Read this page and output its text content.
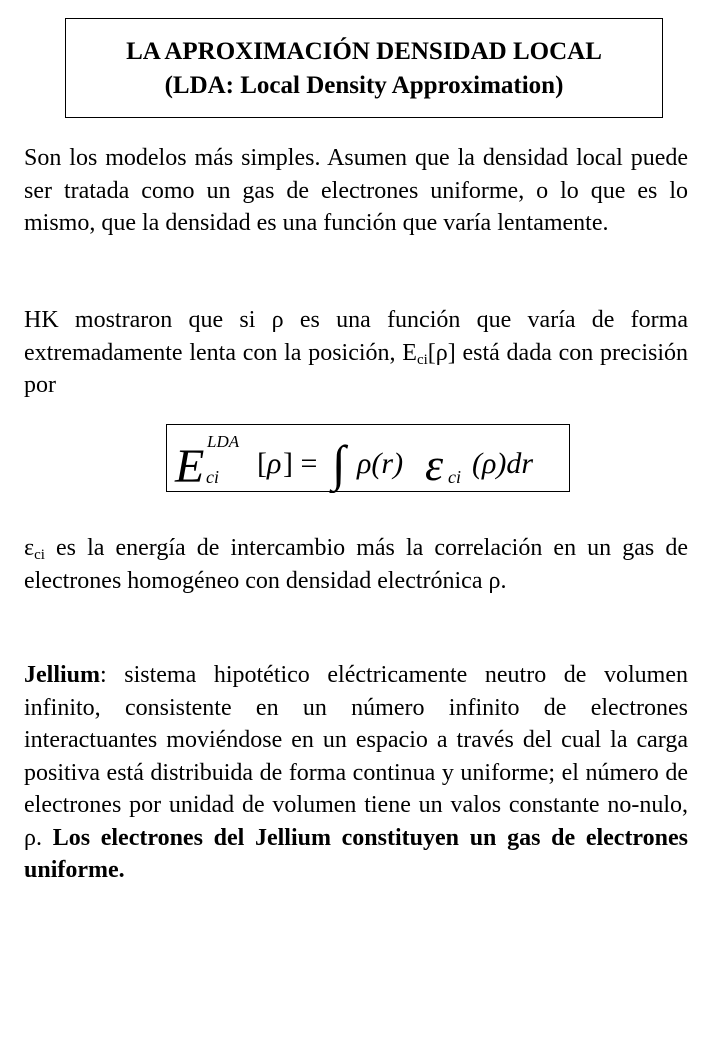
LA APROXIMACIÓN DENSIDAD LOCAL
(LDA: Local Density Approximation)
Son los modelos más simples. Asumen que la densidad local puede ser tratada como un gas de electrones uniforme, o lo que es lo mismo, que la densidad es una función que varía lentamente.
HK mostraron que si ρ es una función que varía de forma extremadamente lenta con la posición, $E_{ci}[\rho]$ está dada con precisión por
E LDA
ci [ ρ ] = ∫ ρ(r) ε ci (ρ)dr
$\varepsilon_{ci}$ es la energía de intercambio más la correlación en un gas de electrones homogéneo con densidad electrónica ρ.
Jellium: sistema hipotético eléctricamente neutro de volumen infinito, consistente en un número infinito de electrones interactuantes moviéndose en un espacio a través del cual la carga positiva está distribuida de forma continua y uniforme; el número de electrones por unidad de volumen tiene un valos constante no-nulo, ρ. Los electrones del Jellium constituyen un gas de electrones uniforme.
